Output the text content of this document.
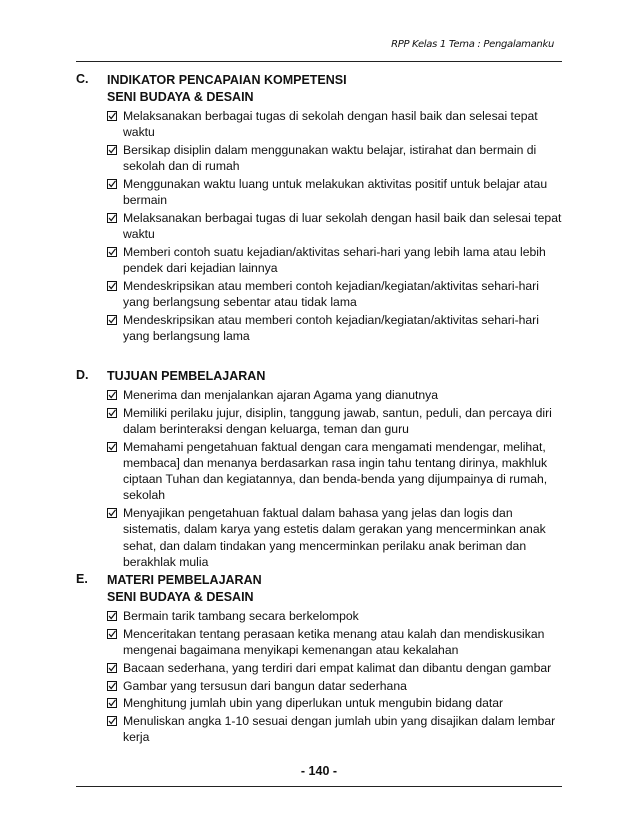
RPP Kelas 1 Tema : Pengalamanku
C. INDIKATOR PENCAPAIAN KOMPETENSI
SENI BUDAYA & DESAIN
Melaksanakan berbagai tugas di sekolah dengan hasil baik dan selesai tepat waktu
Bersikap disiplin dalam menggunakan waktu belajar, istirahat dan bermain di sekolah dan di rumah
Menggunakan waktu luang untuk melakukan aktivitas positif untuk belajar atau bermain
Melaksanakan berbagai tugas di luar sekolah dengan hasil baik dan selesai tepat waktu
Memberi contoh suatu kejadian/aktivitas sehari-hari yang lebih lama atau lebih pendek dari kejadian lainnya
Mendeskripsikan atau memberi contoh kejadian/kegiatan/aktivitas sehari-hari yang berlangsung sebentar atau tidak lama
Mendeskripsikan atau memberi contoh kejadian/kegiatan/aktivitas sehari-hari yang berlangsung lama
D. TUJUAN PEMBELAJARAN
Menerima dan menjalankan ajaran Agama yang dianutnya
Memiliki perilaku jujur, disiplin, tanggung jawab, santun, peduli, dan percaya diri dalam berinteraksi dengan keluarga, teman dan guru
Memahami pengetahuan faktual dengan cara mengamati mendengar, melihat, membaca] dan menanya berdasarkan rasa ingin tahu tentang dirinya, makhluk ciptaan Tuhan dan kegiatannya, dan benda-benda yang dijumpainya di rumah, sekolah
Menyajikan pengetahuan faktual dalam bahasa yang jelas dan logis dan sistematis, dalam karya yang estetis dalam gerakan yang mencerminkan anak sehat, dan dalam tindakan yang mencerminkan perilaku anak beriman dan berakhlak mulia
E. MATERI PEMBELAJARAN
SENI BUDAYA & DESAIN
Bermain tarik tambang secara berkelompok
Menceritakan tentang perasaan ketika menang atau kalah dan mendiskusikan mengenai bagaimana menyikapi kemenangan atau kekalahan
Bacaan sederhana, yang terdiri dari empat kalimat dan dibantu dengan gambar
Gambar yang tersusun dari bangun datar sederhana
Menghitung jumlah ubin yang diperlukan untuk mengubin bidang datar
Menuliskan angka 1-10 sesuai dengan jumlah ubin yang disajikan dalam lembar kerja
- 140 -
